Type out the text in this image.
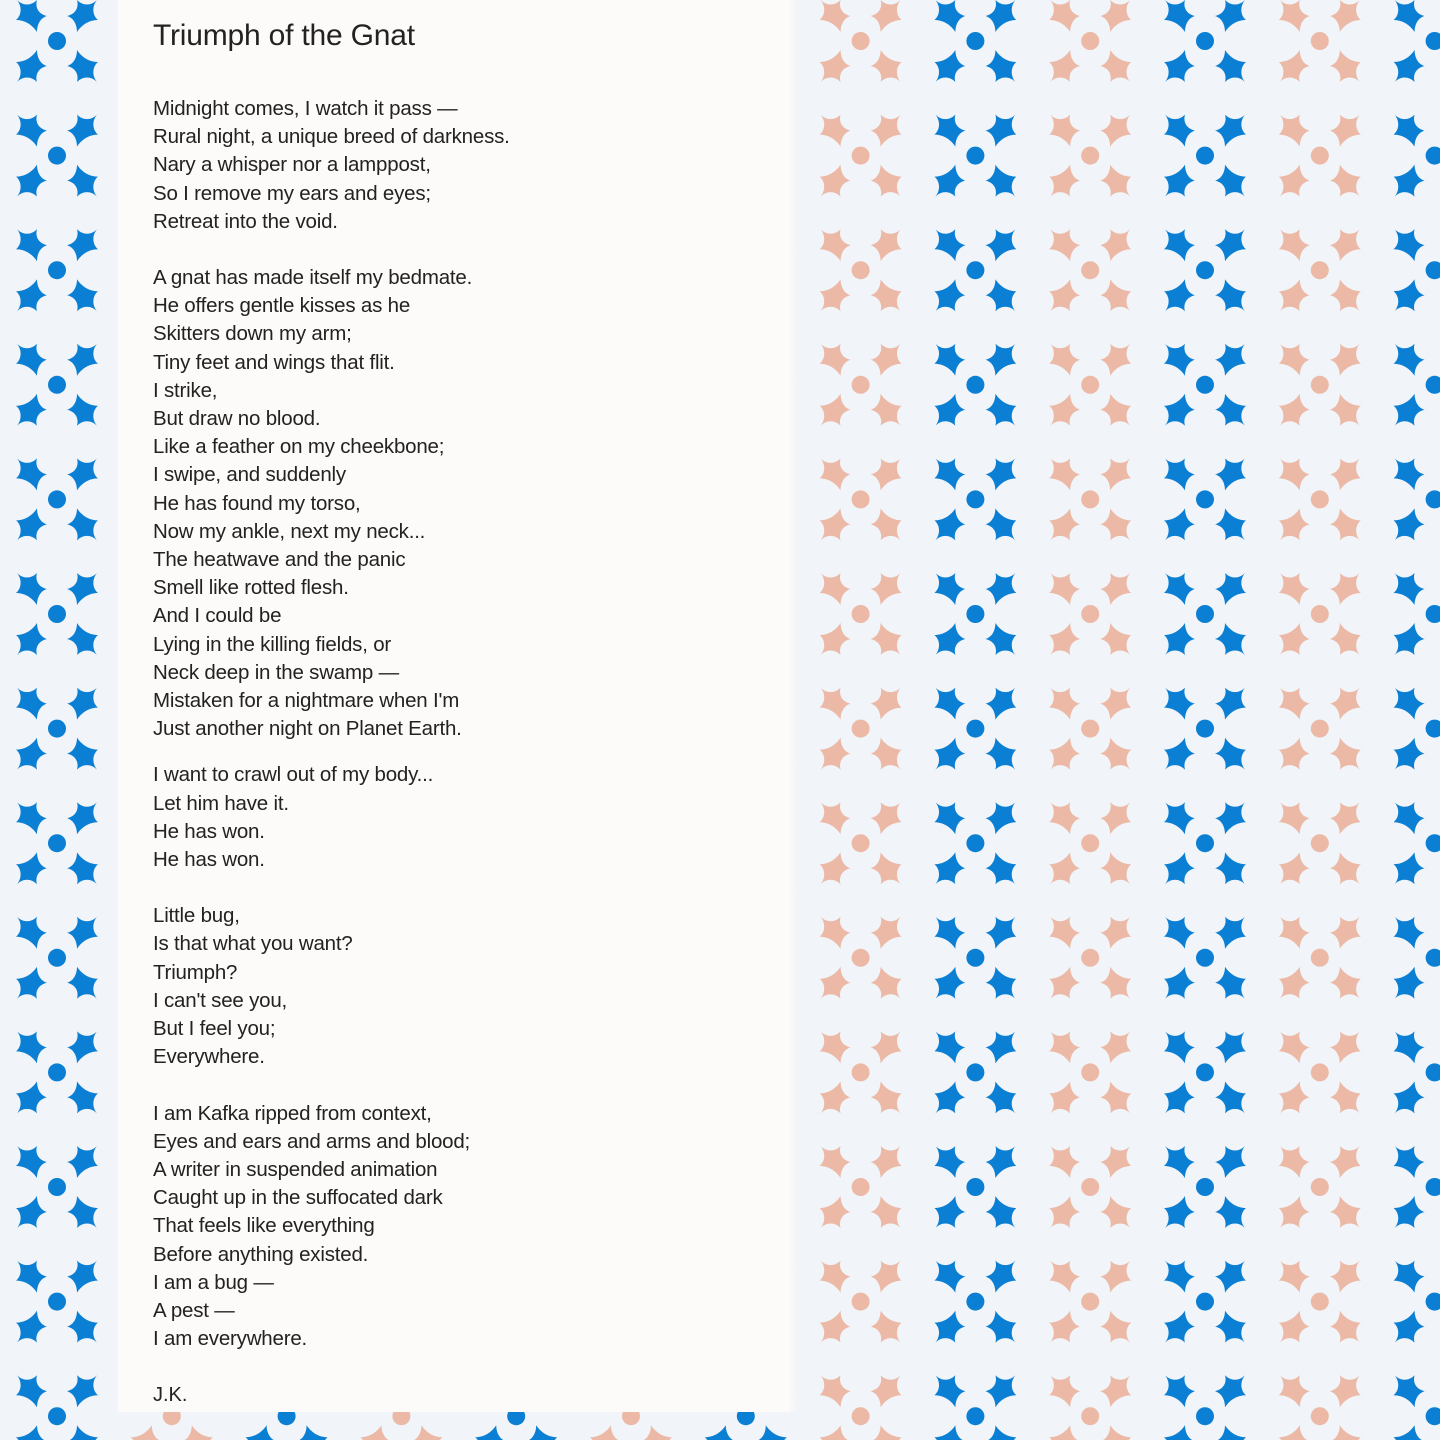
Triumph of the Gnat
Midnight comes, I watch it pass —
Rural night, a unique breed of darkness.
Nary a whisper nor a lamppost,
So I remove my ears and eyes;
Retreat into the void.
A gnat has made itself my bedmate.
He offers gentle kisses as he
Skitters down my arm;
Tiny feet and wings that flit.
I strike,
But draw no blood.
Like a feather on my cheekbone;
I swipe, and suddenly
He has found my torso,
Now my ankle, next my neck...
The heatwave and the panic
Smell like rotted flesh.
And I could be
Lying in the killing fields, or
Neck deep in the swamp —
Mistaken for a nightmare when I'm
Just another night on Planet Earth.
I want to crawl out of my body...
Let him have it.
He has won.
He has won.
Little bug,
Is that what you want?
Triumph?
I can't see you,
But I feel you;
Everywhere.
I am Kafka ripped from context,
Eyes and ears and arms and blood;
A writer in suspended animation
Caught up in the suffocated dark
That feels like everything
Before anything existed.
I am a bug —
A pest —
I am everywhere.
J.K.
